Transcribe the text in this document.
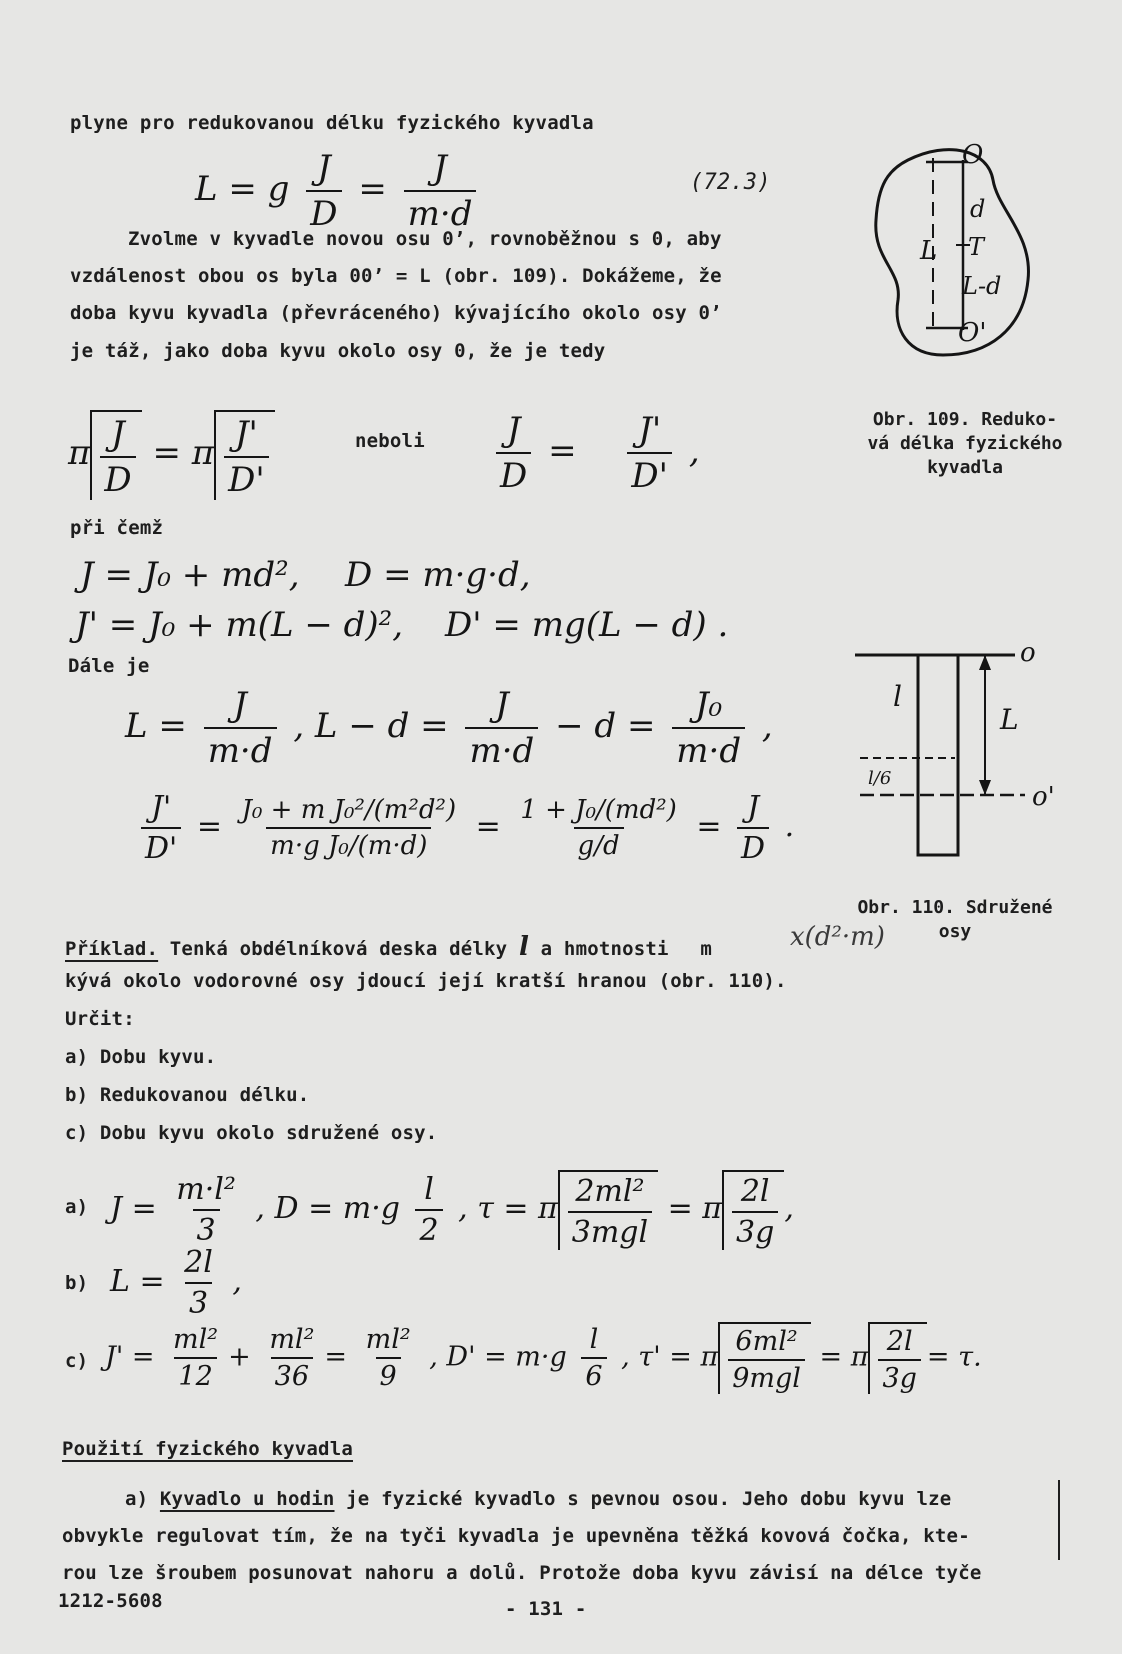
plyne pro redukovanou délku fyzického kyvadla
L = g $\frac{J}{D} = \frac{J}{m\cdot d}$	(72.3)
Zvolme v kyvadle novou osu 0’, rovnoběžnou s 0, aby
vzdálenost obou os byla 00’ = L (obr. 109). Dokážeme, že
doba kyvu kyvadla (převráceného) kývajícího okolo osy 0’
je táž, jako doba kyvu okolo osy 0, že je tedy
O
d
T
L-d
O'
L
Obr. 109. Reduko-
vá délka fyzického
kyvadla
π $\frac{J}{D} = \pi \frac{J'}{D'}$	neboli $\frac{J}{D} = \frac{J'}{D'}$ ,
při čemž
J = J₀ + md², D = m·g·d,
J' = J₀ + m(L − d)², D' = mg(L − d) .
Dále je
$L = \frac{J}{m\cdot d}$ , $L - d = \frac{J}{m\cdot d} - d = \frac{\text{J₀}}{m\cdot d}$ ,
$\frac{J'}{D'} = \frac{\text{J₀ + m J₀²/(m²d²)}}{\text{m·g J₀/(m·d)}} = \frac{\text{1 + J₀/(md²)}}{g/d} = \frac{J}{D}$ .
o
l
L
l/6
o'
Obr. 110. Sdružené
osy
Příklad. Tenká obdélníková deska délky l a hmotnosti m	x(d²·m)
kývá okolo vodorovné osy jdoucí její kratší hranou (obr. 110).
Určit:
a) Dobu kyvu.
b) Redukovanou délku.
c) Dobu kyvu okolo sdružené osy.
a) $J = \frac{\text{m·l²}}{3}$ , $D = m\cdot g \frac{l}{2}$ , τ = π $\frac{\text{2ml²}}{\text{3mgl}} = \pi \frac{2l}{3g}$ ,
b) $L = \frac{2l}{3}$ ,
c) $J' = \frac{\text{ml²}}{12} + \frac{\text{ml²}}{36} = \frac{\text{ml²}}{9}$ , $D' = m\cdot g \frac{l}{6}$ , τ' = π $\frac{\text{6ml²}}{\text{9mgl}} = \pi \frac{2l}{3g} = \tau$.
Použití fyzického kyvadla
a) Kyvadlo u hodin je fyzické kyvadlo s pevnou osou. Jeho dobu kyvu lze
obvykle regulovat tím, že na tyči kyvadla je upevněna těžká kovová čočka, kte-
rou lze šroubem posunovat nahoru a dolů. Protože doba kyvu závisí na délce tyče
1212-5608	- 131 -
